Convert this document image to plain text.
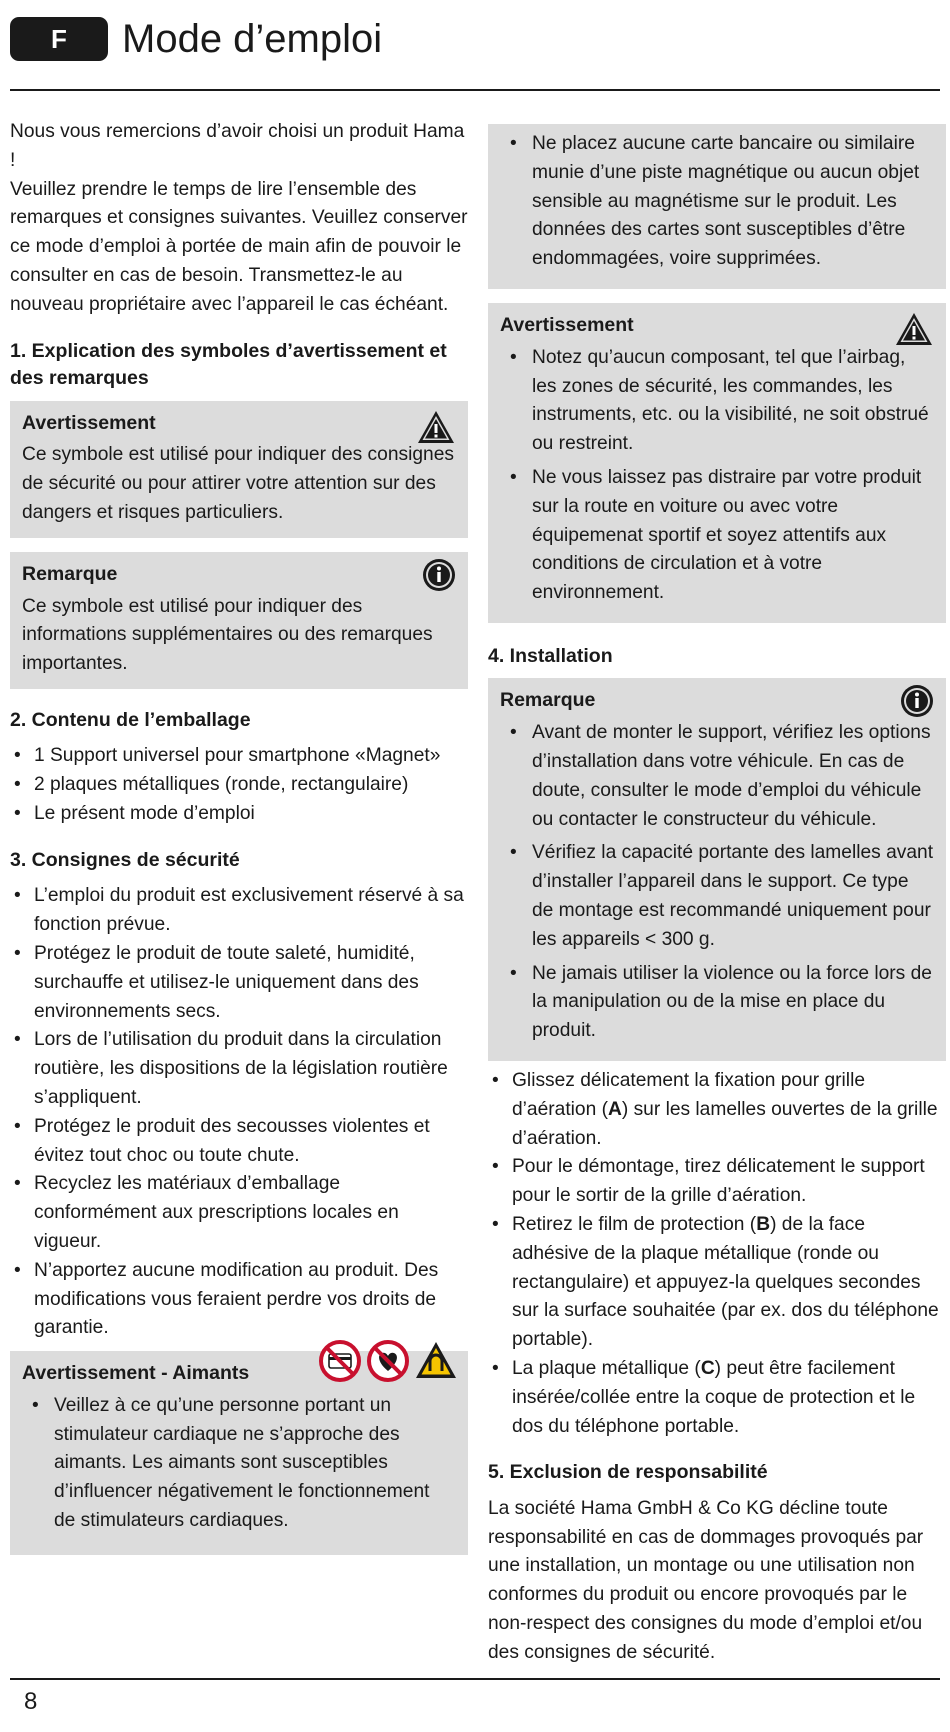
F	Mode d’emploi

Nous vous remercions d’avoir choisi un produit Hama !

Veuillez prendre le temps de lire l’ensemble des remarques et consignes suivantes. Veuillez conserver ce mode d’emploi à portée de main afin de pouvoir le consulter en cas de besoin. Transmettez-le au nouveau propriétaire avec l’appareil le cas échéant.

1. Explication des symboles d’avertissement et des remarques
Avertissement

Ce symbole est utilisé pour indiquer des consignes de sécurité ou pour attirer votre attention sur des dangers et risques particuliers.

Remarque

Ce symbole est utilisé pour indiquer des informations supplémentaires ou des remarques importantes.

2. Contenu de l’emballage
• 1 Support universel pour smartphone «Magnet»
• 2 plaques métalliques (ronde, rectangulaire)
• Le présent mode d’emploi
3. Consignes de sécurité
• L’emploi du produit est exclusivement réservé à sa fonction prévue.
• Protégez le produit de toute saleté, humidité, surchauffe et utilisez-le uniquement dans des environnements secs.
• Lors de l’utilisation du produit dans la circulation routière, les dispositions de la législation routière s’appliquent.
• Protégez le produit des secousses violentes et évitez tout choc ou toute chute.
• Recyclez les matériaux d’emballage conformément aux prescriptions locales en vigueur.
• N’apportez aucune modification au produit. Des modifications vous feraient perdre vos droits de garantie.
Avertissement - Aimants
• Veillez à ce qu’une personne portant un stimulateur cardiaque ne s’approche des aimants. Les aimants sont susceptibles d’influencer négativement le fonctionnement de stimulateurs cardiaques.
• Ne placez aucune carte bancaire ou similaire munie d’une piste magnétique ou aucun objet sensible au magnétisme sur le produit. Les données des cartes sont susceptibles d’être endommagées, voire supprimées.
Avertissement
• Notez qu’aucun composant, tel que l’airbag, les zones de sécurité, les commandes, les instruments, etc. ou la visibilité, ne soit obstrué ou restreint.
• Ne vous laissez pas distraire par votre produit sur la route en voiture ou avec votre équipemenat sportif et soyez attentifs aux conditions de circulation et à votre environnement.
4. Installation
Remarque
• Avant de monter le support, vérifiez les options d’installation dans votre véhicule. En cas de doute, consulter le mode d’emploi du véhicule ou contacter le constructeur du véhicule.
• Vérifiez la capacité portante des lamelles avant d’installer l’appareil dans le support. Ce type de montage est recommandé uniquement pour les appareils < 300 g.
• Ne jamais utiliser la violence ou la force lors de la manipulation ou de la mise en place du produit.
• Glissez délicatement la fixation pour grille d’aération (A) sur les lamelles ouvertes de la grille d’aération.
• Pour le démontage, tirez délicatement le support pour le sortir de la grille d’aération.
• Retirez le film de protection (B) de la face adhésive de la plaque métallique (ronde ou rectangulaire) et appuyez-la quelques secondes sur la surface souhaitée (par ex. dos du téléphone portable).
• La plaque métallique (C) peut être facilement insérée/collée entre la coque de protection et le dos du téléphone portable.
5. Exclusion de responsabilité

La société Hama GmbH & Co KG décline toute responsabilité en cas de dommages provoqués par une installation, un montage ou une utilisation non conformes du produit ou encore provoqués par le non-respect des consignes du mode d’emploi et/ou des consignes de sécurité.

8
